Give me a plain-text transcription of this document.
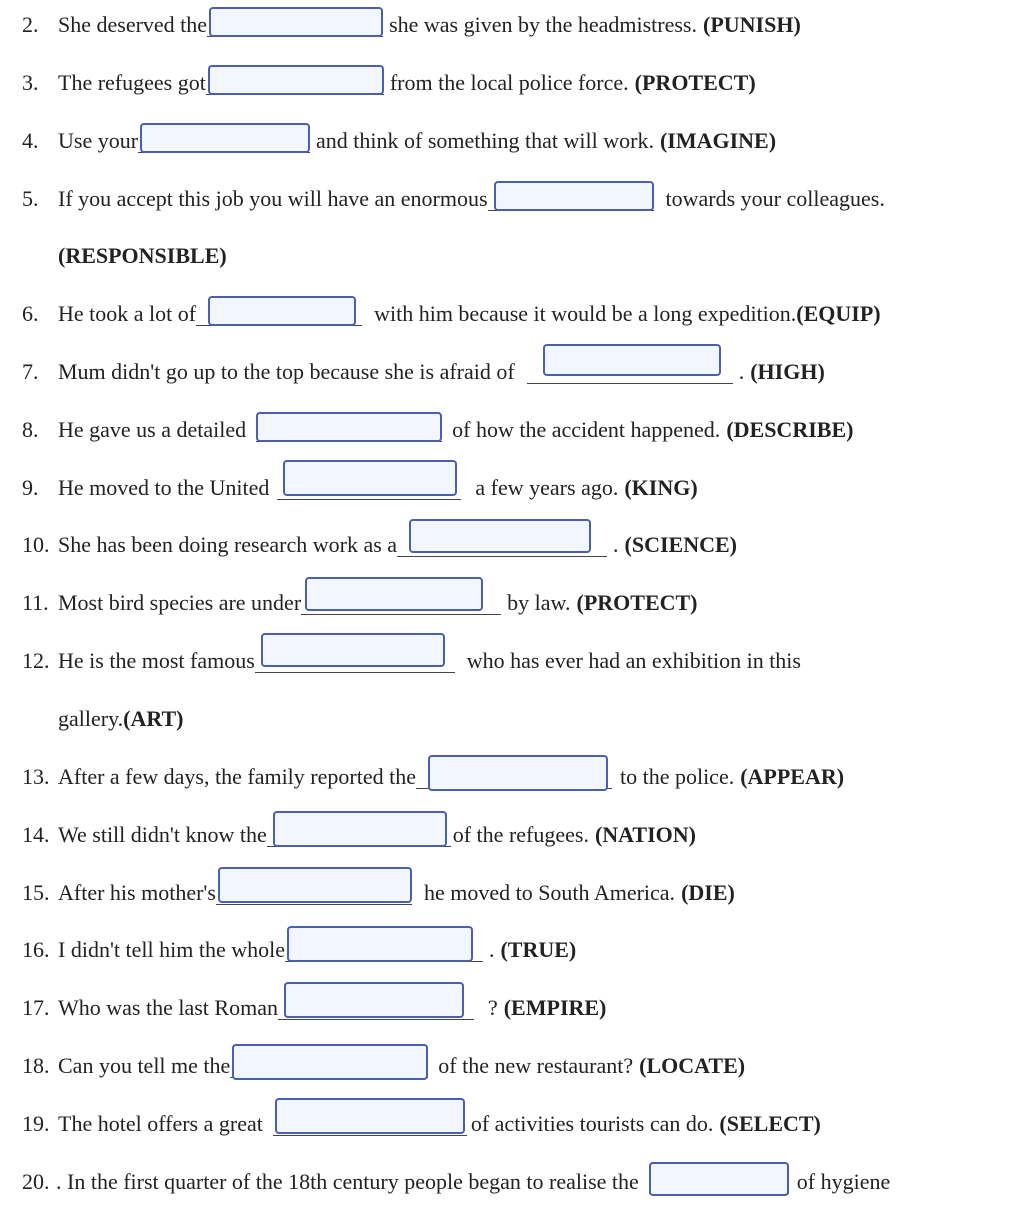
2. She deserved the	she was given by the headmistress. (PUNISH)
3. The refugees got	from the local police force. (PROTECT)
4. Use your	and think of something that will work. (IMAGINE)
5. If you accept this job you will have an enormous	towards your colleagues.
(RESPONSIBLE)
6. He took a lot of	with him because it would be a long expedition. (EQUIP)
7. Mum didn't go up to the top because she is afraid of	. (HIGH)
8. He gave us a detailed	of how the accident happened. (DESCRIBE)
9. He moved to the United	a few years ago. (KING)
10. She has been doing research work as a	. (SCIENCE)
11. Most bird species are under	by law. (PROTECT)
12. He is the most famous	who has ever had an exhibition in this
gallery. (ART)
13. After a few days, the family reported the	to the police. (APPEAR)
14. We still didn't know the	of the refugees. (NATION)
15. After his mother's	he moved to South America. (DIE)
16. I didn't tell him the whole	. (TRUE)
17. Who was the last Roman	? (EMPIRE)
18. Can you tell me the	of the new restaurant? (LOCATE)
19. The hotel offers a great	of activities tourists can do. (SELECT)
20. . In the first quarter of the 18th century people began to realise the	of hygiene
